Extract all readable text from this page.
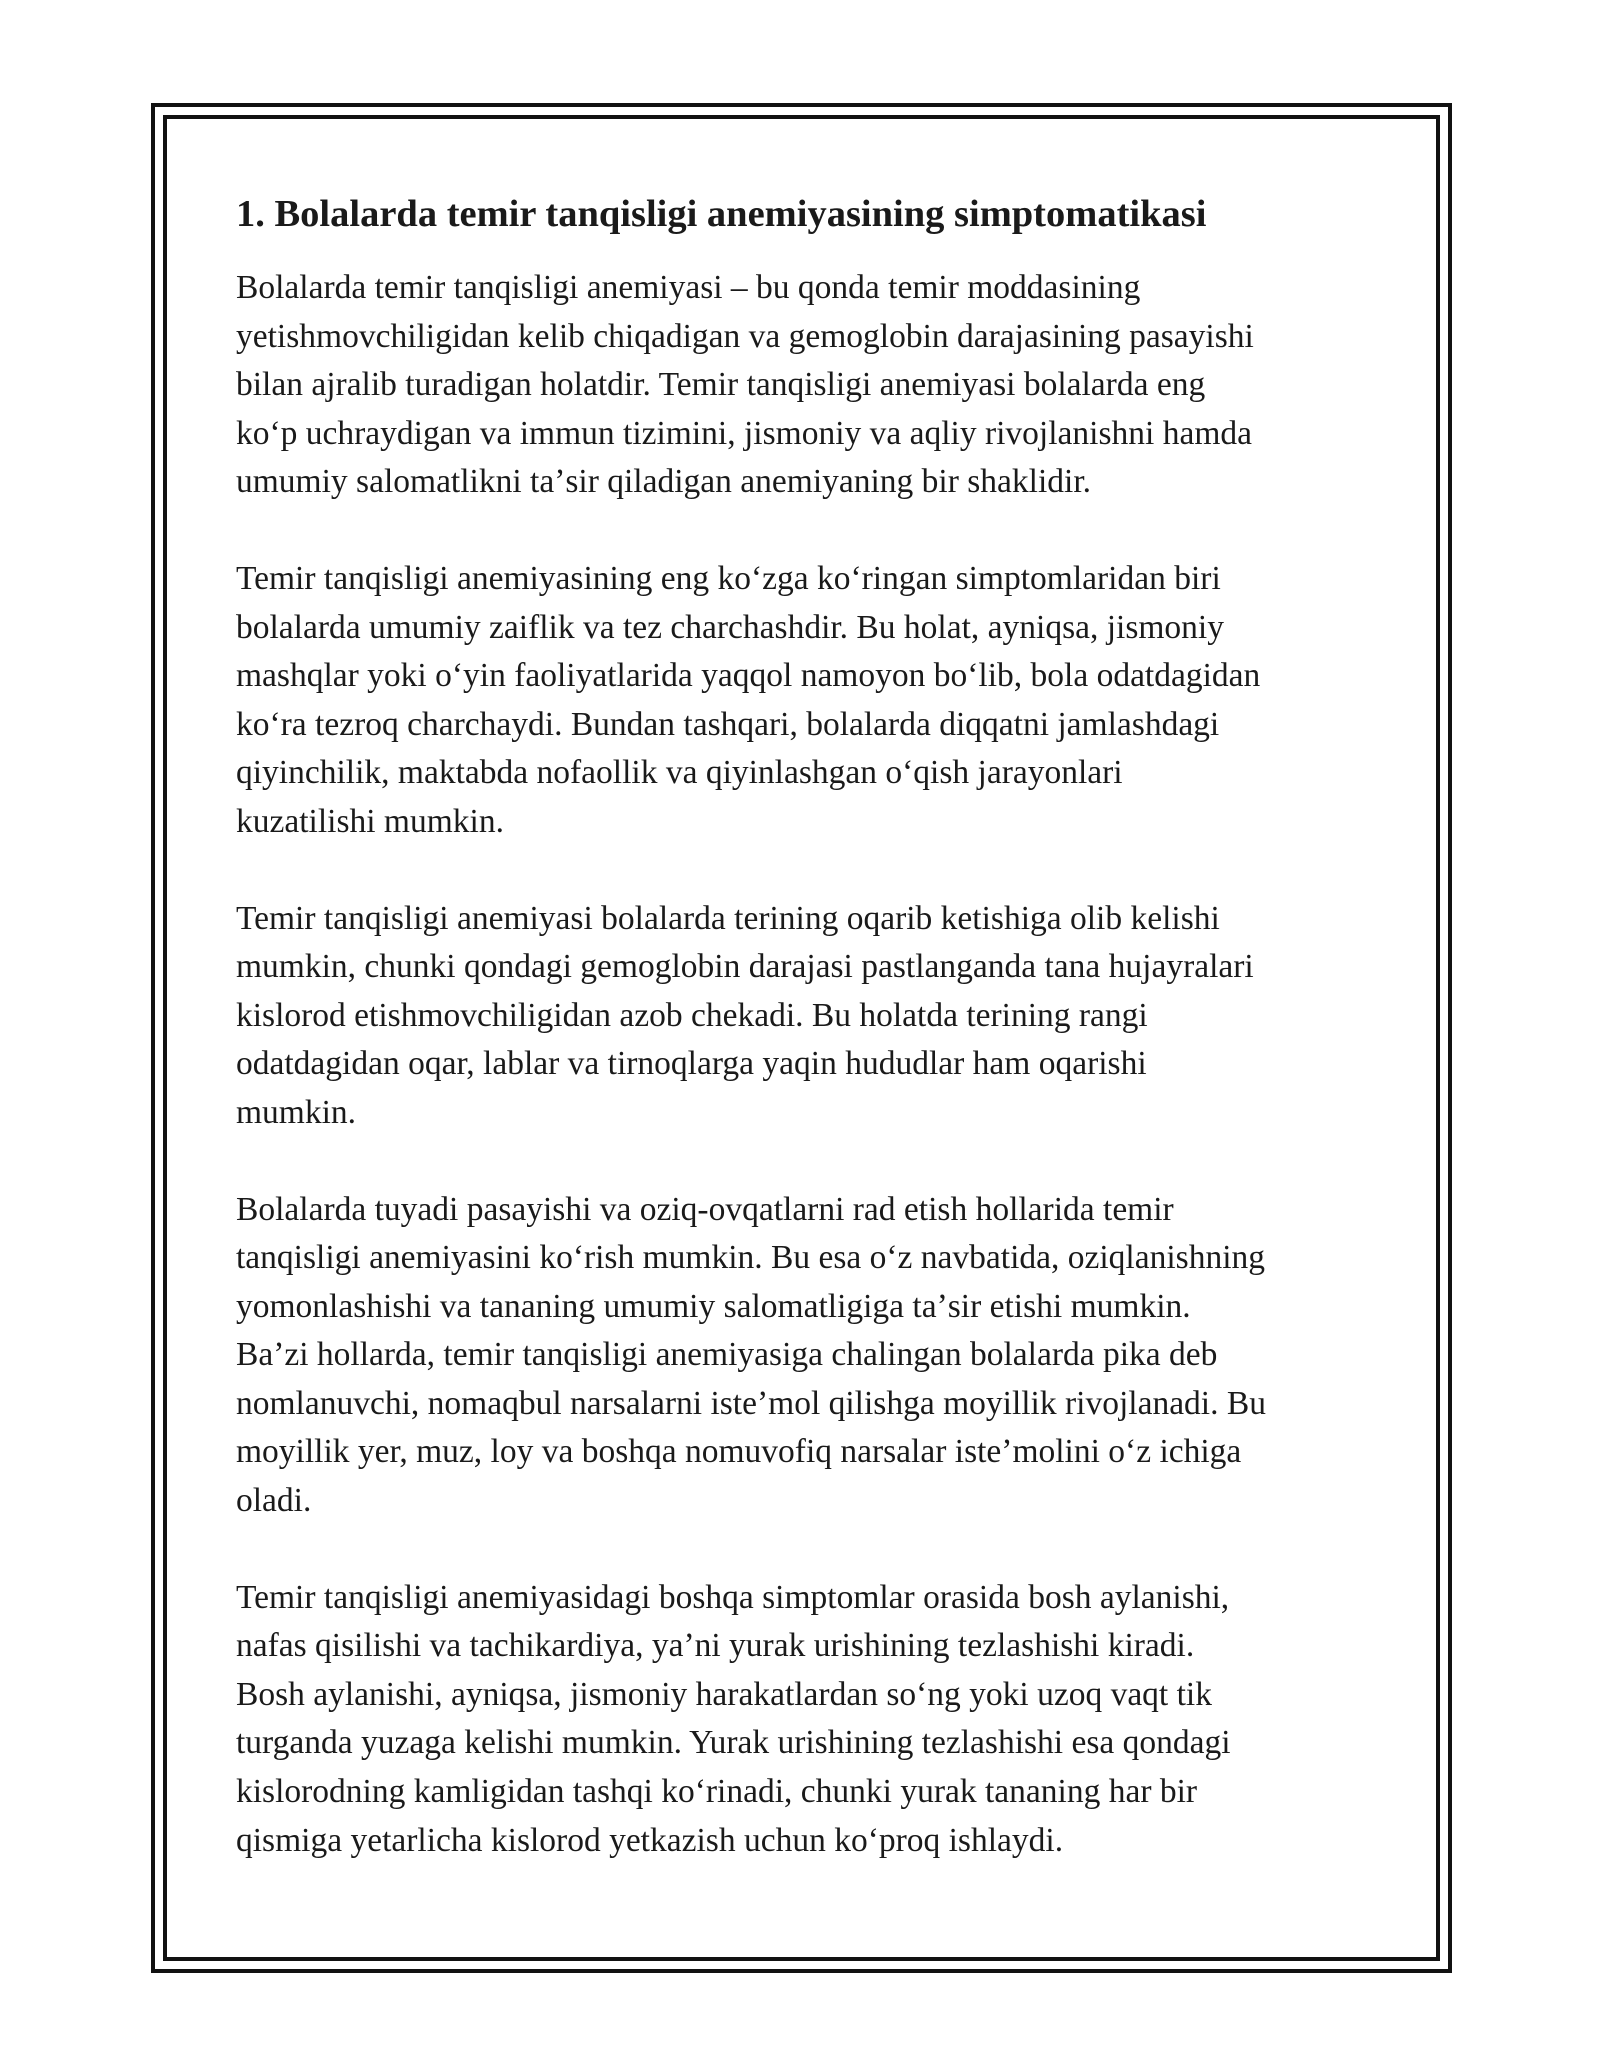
1. Bolalarda temir tanqisligi anemiyasining simptomatikasi
Bolalarda temir tanqisligi anemiyasi – bu qonda temir moddasining
yetishmovchiligidan kelib chiqadigan va gemoglobin darajasining pasayishi
bilan ajralib turadigan holatdir. Temir tanqisligi anemiyasi bolalarda eng
koʻp uchraydigan va immun tizimini, jismoniy va aqliy rivojlanishni hamda
umumiy salomatlikni taʼsir qiladigan anemiyaning bir shaklidir.
Temir tanqisligi anemiyasining eng koʻzga koʻringan simptomlaridan biri
bolalarda umumiy zaiflik va tez charchashdir. Bu holat, ayniqsa, jismoniy
mashqlar yoki oʻyin faoliyatlarida yaqqol namoyon boʻlib, bola odatdagidan
koʻra tezroq charchaydi. Bundan tashqari, bolalarda diqqatni jamlashdagi
qiyinchilik, maktabda nofaollik va qiyinlashgan oʻqish jarayonlari
kuzatilishi mumkin.
Temir tanqisligi anemiyasi bolalarda terining oqarib ketishiga olib kelishi
mumkin, chunki qondagi gemoglobin darajasi pastlanganda tana hujayralari
kislorod etishmovchiligidan azob chekadi. Bu holatda terining rangi
odatdagidan oqar, lablar va tirnoqlarga yaqin hududlar ham oqarishi
mumkin.
Bolalarda tuyadi pasayishi va oziq-ovqatlarni rad etish hollarida temir
tanqisligi anemiyasini koʻrish mumkin. Bu esa oʻz navbatida, oziqlanishning
yomonlashishi va tananing umumiy salomatligiga taʼsir etishi mumkin.
Baʼzi hollarda, temir tanqisligi anemiyasiga chalingan bolalarda pika deb
nomlanuvchi, nomaqbul narsalarni isteʼmol qilishga moyillik rivojlanadi. Bu
moyillik yer, muz, loy va boshqa nomuvofiq narsalar isteʼmolini oʻz ichiga
oladi.
Temir tanqisligi anemiyasidagi boshqa simptomlar orasida bosh aylanishi,
nafas qisilishi va tachikardiya, yaʼni yurak urishining tezlashishi kiradi.
Bosh aylanishi, ayniqsa, jismoniy harakatlardan soʻng yoki uzoq vaqt tik
turganda yuzaga kelishi mumkin. Yurak urishining tezlashishi esa qondagi
kislorodning kamligidan tashqi koʻrinadi, chunki yurak tananing har bir
qismiga yetarlicha kislorod yetkazish uchun koʻproq ishlaydi.
